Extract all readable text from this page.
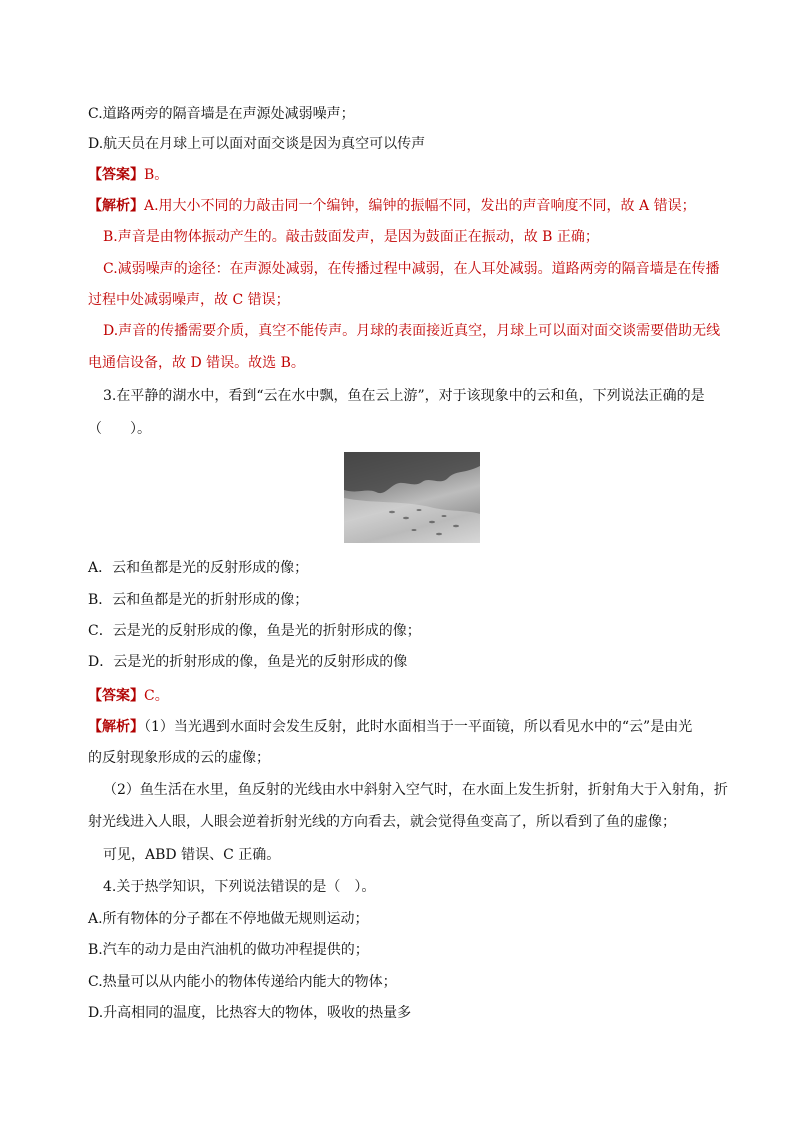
C.道路两旁的隔音墙是在声源处减弱噪声；
D.航天员在月球上可以面对面交谈是因为真空可以传声
【答案】B。
【解析】A.用大小不同的力敲击同一个编钟，编钟的振幅不同，发出的声音响度不同，故 A 错误；
B.声音是由物体振动产生的。敲击鼓面发声，是因为鼓面正在振动，故 B 正确；
C.减弱噪声的途径：在声源处减弱，在传播过程中减弱，在人耳处减弱。道路两旁的隔音墙是在传播
过程中处减弱噪声，故 C 错误；
D.声音的传播需要介质，真空不能传声。月球的表面接近真空，月球上可以面对面交谈需要借助无线
电通信设备，故 D 错误。故选 B。
3.在平静的湖水中，看到“云在水中飘，鱼在云上游”，对于该现象中的云和鱼，下列说法正确的是
（　　）。
A．云和鱼都是光的反射形成的像；
B．云和鱼都是光的折射形成的像；
C．云是光的反射形成的像，鱼是光的折射形成的像；
D．云是光的折射形成的像，鱼是光的反射形成的像
【答案】C。
【解析】（1）当光遇到水面时会发生反射，此时水面相当于一平面镜，所以看见水中的“云”是由光
的反射现象形成的云的虚像；
（2）鱼生活在水里，鱼反射的光线由水中斜射入空气时，在水面上发生折射，折射角大于入射角，折
射光线进入人眼，人眼会逆着折射光线的方向看去，就会觉得鱼变高了，所以看到了鱼的虚像；
可见，ABD 错误、C 正确。
4.关于热学知识，下列说法错误的是（　）。
A.所有物体的分子都在不停地做无规则运动；
B.汽车的动力是由汽油机的做功冲程提供的；
C.热量可以从内能小的物体传递给内能大的物体；
D.升高相同的温度，比热容大的物体，吸收的热量多
